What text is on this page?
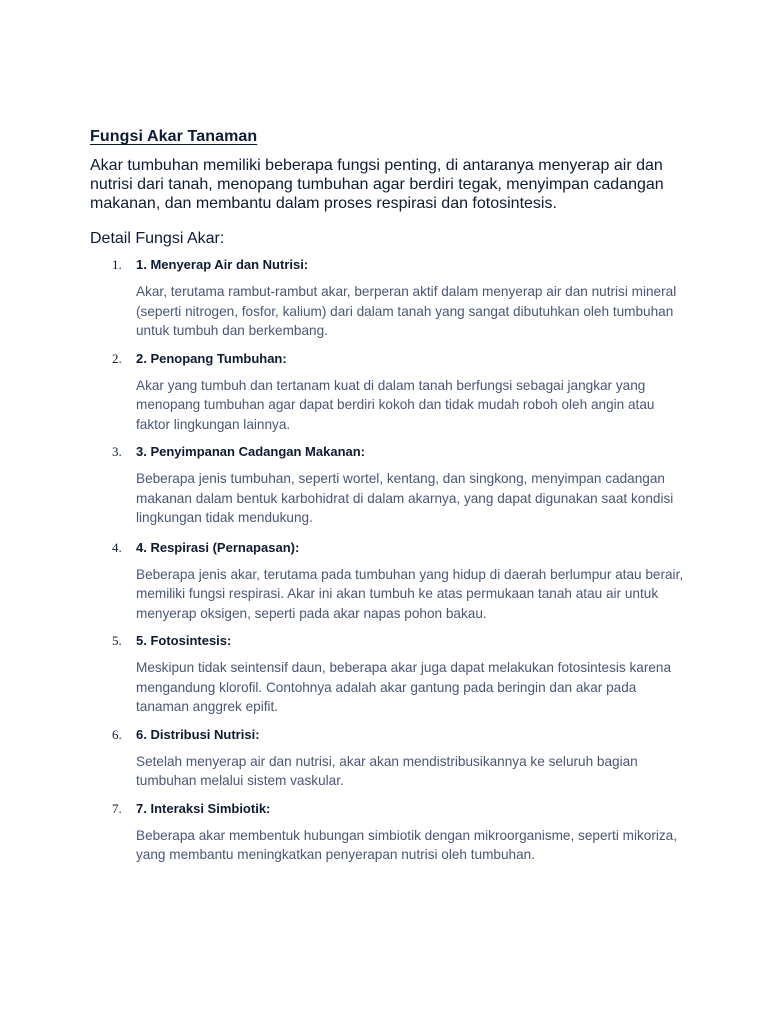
Fungsi Akar Tanaman

Akar tumbuhan memiliki beberapa fungsi penting, di antaranya menyerap air dan nutrisi dari tanah, menopang tumbuhan agar berdiri tegak, menyimpan cadangan makanan, dan membantu dalam proses respirasi dan fotosintesis.

Detail Fungsi Akar:

1. 1. Menyerap Air dan Nutrisi:

Akar, terutama rambut-rambut akar, berperan aktif dalam menyerap air dan nutrisi mineral (seperti nitrogen, fosfor, kalium) dari dalam tanah yang sangat dibutuhkan oleh tumbuhan untuk tumbuh dan berkembang.

2. 2. Penopang Tumbuhan:

Akar yang tumbuh dan tertanam kuat di dalam tanah berfungsi sebagai jangkar yang menopang tumbuhan agar dapat berdiri kokoh dan tidak mudah roboh oleh angin atau faktor lingkungan lainnya.

3. 3. Penyimpanan Cadangan Makanan:

Beberapa jenis tumbuhan, seperti wortel, kentang, dan singkong, menyimpan cadangan makanan dalam bentuk karbohidrat di dalam akarnya, yang dapat digunakan saat kondisi lingkungan tidak mendukung.

4. 4. Respirasi (Pernapasan):

Beberapa jenis akar, terutama pada tumbuhan yang hidup di daerah berlumpur atau berair, memiliki fungsi respirasi. Akar ini akan tumbuh ke atas permukaan tanah atau air untuk menyerap oksigen, seperti pada akar napas pohon bakau.

5. 5. Fotosintesis:

Meskipun tidak seintensif daun, beberapa akar juga dapat melakukan fotosintesis karena mengandung klorofil. Contohnya adalah akar gantung pada beringin dan akar pada tanaman anggrek epifit.

6. 6. Distribusi Nutrisi:

Setelah menyerap air dan nutrisi, akar akan mendistribusikannya ke seluruh bagian tumbuhan melalui sistem vaskular.

7. 7. Interaksi Simbiotik:

Beberapa akar membentuk hubungan simbiotik dengan mikroorganisme, seperti mikoriza, yang membantu meningkatkan penyerapan nutrisi oleh tumbuhan.
